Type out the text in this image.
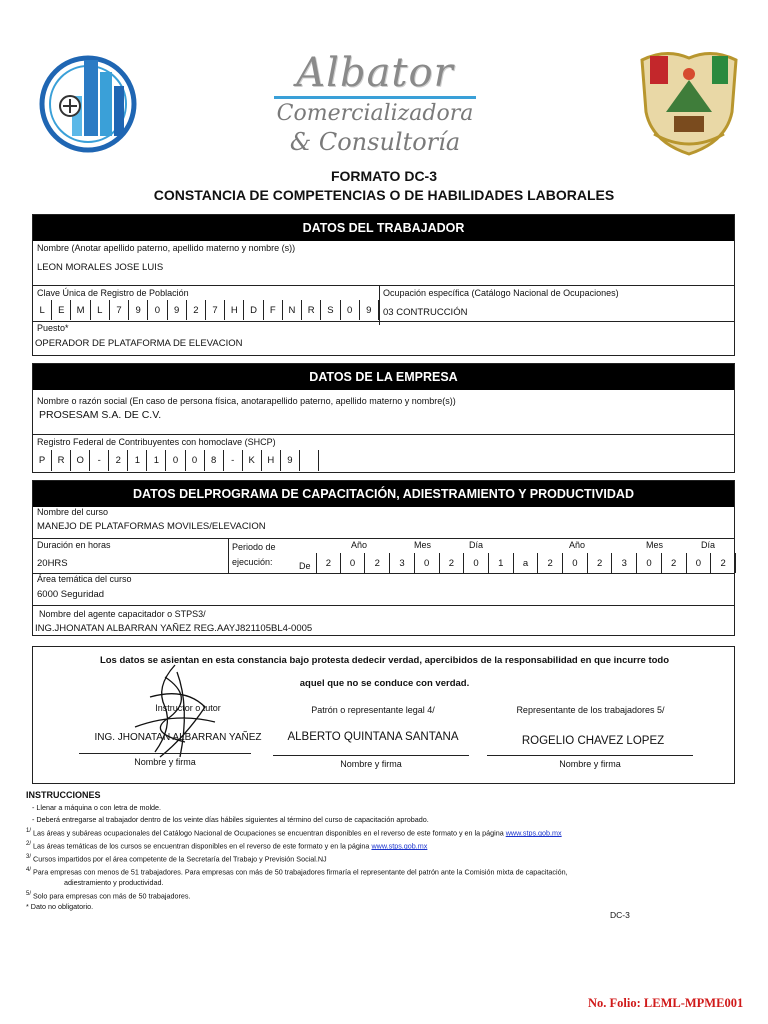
Albator
Comercializadora
& Consultoría
FORMATO DC-3
CONSTANCIA DE COMPETENCIAS O DE HABILIDADES LABORALES
DATOS DEL TRABAJADOR
Nombre (Anotar apellido paterno, apellido materno y nombre (s))
LEON MORALES JOSE LUIS
Clave Única de Registro de Población
L	E	M	L	7	9	0	9	2	7	H	D	F	N	R	S	0	9
Ocupación específica (Catálogo Nacional de Ocupaciones)
03 CONTRUCCIÓN
Puesto*
OPERADOR DE PLATAFORMA DE ELEVACION
DATOS DE LA EMPRESA
Nombre o razón social (En caso de persona física, anotarapellido paterno, apellido materno y nombre(s))
PROSESAM S.A. DE C.V.
Registro Federal de Contribuyentes con homoclave (SHCP)
P	R	O	-	2	1	1	0	0	8	-	K	H	9
DATOS DELPROGRAMA DE CAPACITACIÓN, ADIESTRAMIENTO Y PRODUCTIVIDAD
Nombre del curso
MANEJO DE PLATAFORMAS MOVILES/ELEVACION
Duración en horas
20HRS
Periodo de
ejecución:	De
Año	Mes	Día	Año	Mes	Día
2	0	2	3	0	2	0	1	a	2	0	2	3	0	2	0	2
Área temática del curso
6000 Seguridad
Nombre del agente capacitador o STPS3/
ING.JHONATAN ALBARRAN YAÑEZ REG.AAYJ821105BL4-0005
Los datos se asientan en esta constancia bajo protesta dedecir verdad, apercibidos de la responsabilidad en que incurre todo
aquel que no se conduce con verdad.
Instructor o tutor	Patrón o representante legal 4/	Representante de los trabajadores 5/
ING. JHONATAN ALBARRAN YAÑEZ	ALBERTO QUINTANA SANTANA	ROGELIO CHAVEZ LOPEZ
Nombre y firma	Nombre y firma	Nombre y firma
INSTRUCCIONES
- Llenar a máquina o con letra de molde.
- Deberá entregarse al trabajador dentro de los veinte días hábiles siguientes al término del curso de capacitación aprobado.
$^{1/}$ Las áreas y subáreas ocupacionales del Catálogo Nacional de Ocupaciones se encuentran disponibles en el reverso de este formato y en la página www.stps.gob.mx
$^{2/}$ Las áreas temáticas de los cursos se encuentran disponibles en el reverso de este formato y en la página www.stps.gob.mx
$^{3/}$ Cursos impartidos por el área competente de la Secretaría del Trabajo y Previsión Social.NJ
$^{4/}$ Para empresas con menos de 51 trabajadores. Para empresas con más de 50 trabajadores firmaría el representante del patrón ante la Comisión mixta de capacitación,
adiestramiento y productividad.
$^{5/}$ Solo para empresas con más de 50 trabajadores.
* Dato no obligatorio.
DC-3
No. Folio: LEML-MPME001
